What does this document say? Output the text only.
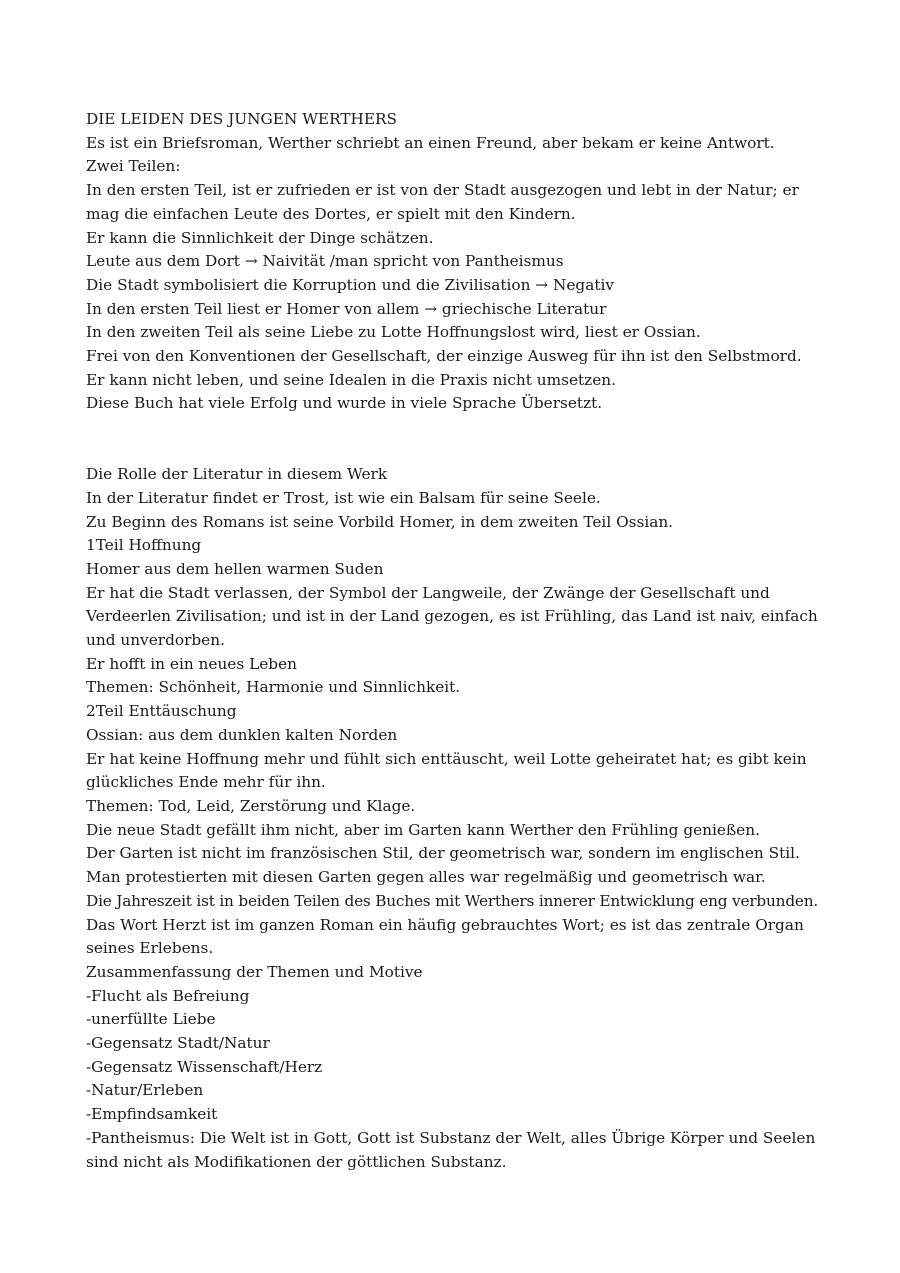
DIE LEIDEN DES JUNGEN WERTHERS
Es ist ein Briefsroman, Werther schriebt an einen Freund, aber bekam er keine Antwort.
Zwei Teilen:
In den ersten Teil, ist er zufrieden er ist von der Stadt ausgezogen und lebt in der Natur; er mag die einfachen Leute des Dortes, er spielt mit den Kindern.
Er kann die Sinnlichkeit der Dinge schätzen.
Leute aus dem Dort → Naivität /man spricht von Pantheismus
Die Stadt symbolisiert die Korruption und die Zivilisation → Negativ
In den ersten Teil liest er Homer von allem → griechische Literatur
In den zweiten Teil als seine Liebe zu Lotte Hoffnungslost wird, liest er Ossian.
Frei von den Konventionen der Gesellschaft, der einzige Ausweg für ihn ist den Selbstmord.
Er kann nicht leben, und seine Idealen in die Praxis nicht umsetzen.
Diese Buch hat viele Erfolg und wurde in viele Sprache Übersetzt.
Die Rolle der Literatur in diesem Werk
In der Literatur findet er Trost, ist wie ein Balsam für seine Seele.
Zu Beginn des Romans ist seine Vorbild Homer, in dem zweiten Teil Ossian.
1Teil Hoffnung
Homer aus dem hellen warmen Suden
Er hat die Stadt verlassen, der Symbol der Langweile, der Zwänge der Gesellschaft und Verdeerlen Zivilisation; und ist in der Land gezogen, es ist Frühling, das Land ist naiv, einfach und unverdorben.
Er hofft in ein neues Leben
Themen: Schönheit, Harmonie und Sinnlichkeit.
2Teil Enttäuschung
Ossian: aus dem dunklen kalten Norden
Er hat keine Hoffnung mehr und fühlt sich enttäuscht, weil Lotte geheiratet hat; es gibt kein glückliches Ende mehr für ihn.
Themen: Tod, Leid, Zerstörung und Klage.
Die neue Stadt gefällt ihm nicht, aber im Garten kann Werther den Frühling genießen.
Der Garten ist nicht im französischen Stil, der geometrisch war, sondern im englischen Stil.
Man protestierten mit diesen Garten gegen alles war regelmäßig und geometrisch war.
Die Jahreszeit ist in beiden Teilen des Buches mit Werthers innerer Entwicklung eng verbunden.
Das Wort Herzt ist im ganzen Roman ein häufig gebrauchtes Wort; es ist das zentrale Organ seines Erlebens.
Zusammenfassung der Themen und Motive
-Flucht als Befreiung
-unerfüllte Liebe
-Gegensatz Stadt/Natur
-Gegensatz Wissenschaft/Herz
-Natur/Erleben
-Empfindsamkeit
-Pantheismus: Die Welt ist in Gott, Gott ist Substanz der Welt, alles Übrige Körper und Seelen sind nicht als Modifikationen der göttlichen Substanz.
